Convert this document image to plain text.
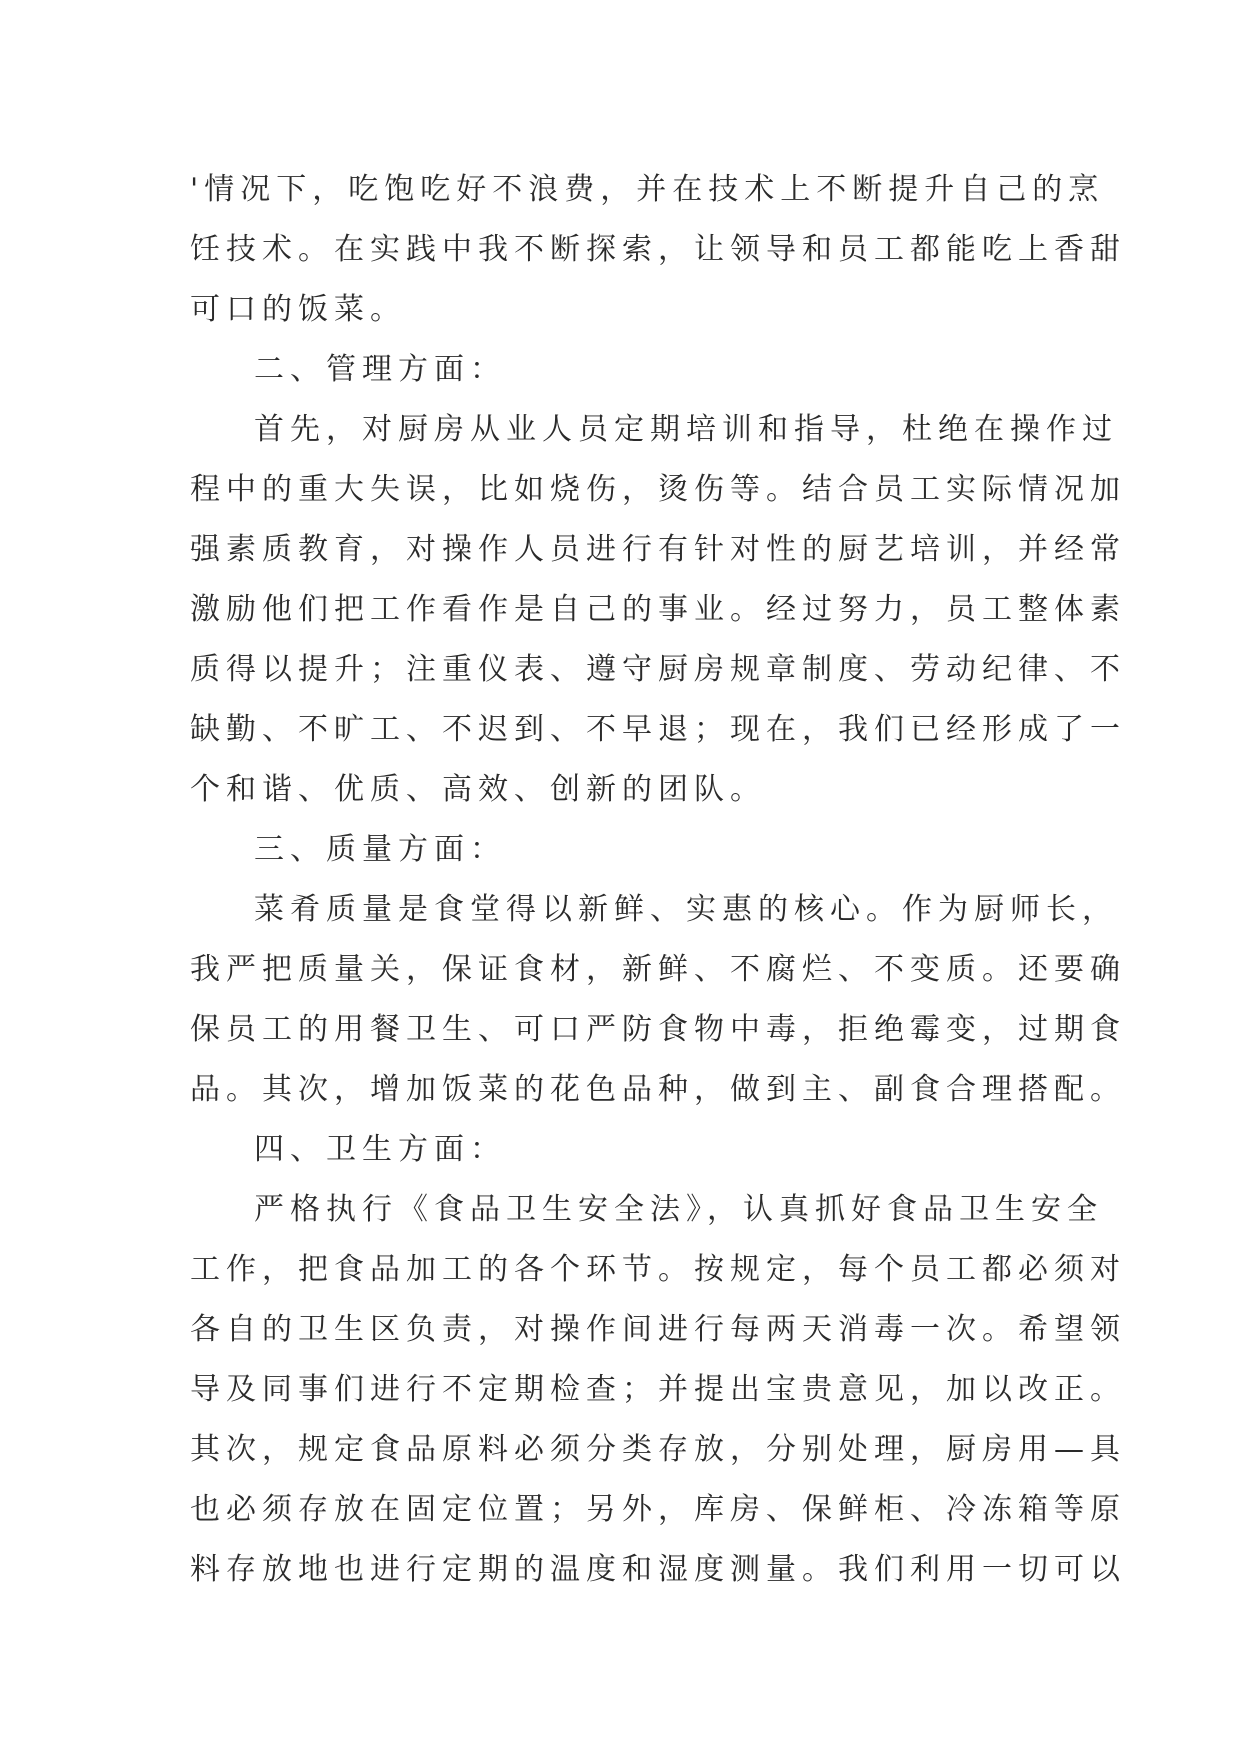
'情况下，吃饱吃好不浪费，并在技术上不断提升自己的烹
饪技术。在实践中我不断探索，让领导和员工都能吃上香甜
可口的饭菜。
二、管理方面：
首先，对厨房从业人员定期培训和指导，杜绝在操作过
程中的重大失误，比如烧伤，烫伤等。结合员工实际情况加
强素质教育，对操作人员进行有针对性的厨艺培训，并经常
激励他们把工作看作是自己的事业。经过努力，员工整体素
质得以提升；注重仪表、遵守厨房规章制度、劳动纪律、不
缺勤、不旷工、不迟到、不早退；现在，我们已经形成了一
个和谐、优质、高效、创新的团队。
三、质量方面：
菜肴质量是食堂得以新鲜、实惠的核心。作为厨师长，
我严把质量关，保证食材，新鲜、不腐烂、不变质。还要确
保员工的用餐卫生、可口严防食物中毒，拒绝霉变，过期食
品。其次，增加饭菜的花色品种，做到主、副食合理搭配。
四、卫生方面：
严格执行《食品卫生安全法》，认真抓好食品卫生安全
工作，把食品加工的各个环节。按规定，每个员工都必须对
各自的卫生区负责，对操作间进行每两天消毒一次。希望领
导及同事们进行不定期检查；并提出宝贵意见，加以改正。
其次，规定食品原料必须分类存放，分别处理，厨房用—具
也必须存放在固定位置；另外，库房、保鲜柜、冷冻箱等原
料存放地也进行定期的温度和湿度测量。我们利用一切可以
